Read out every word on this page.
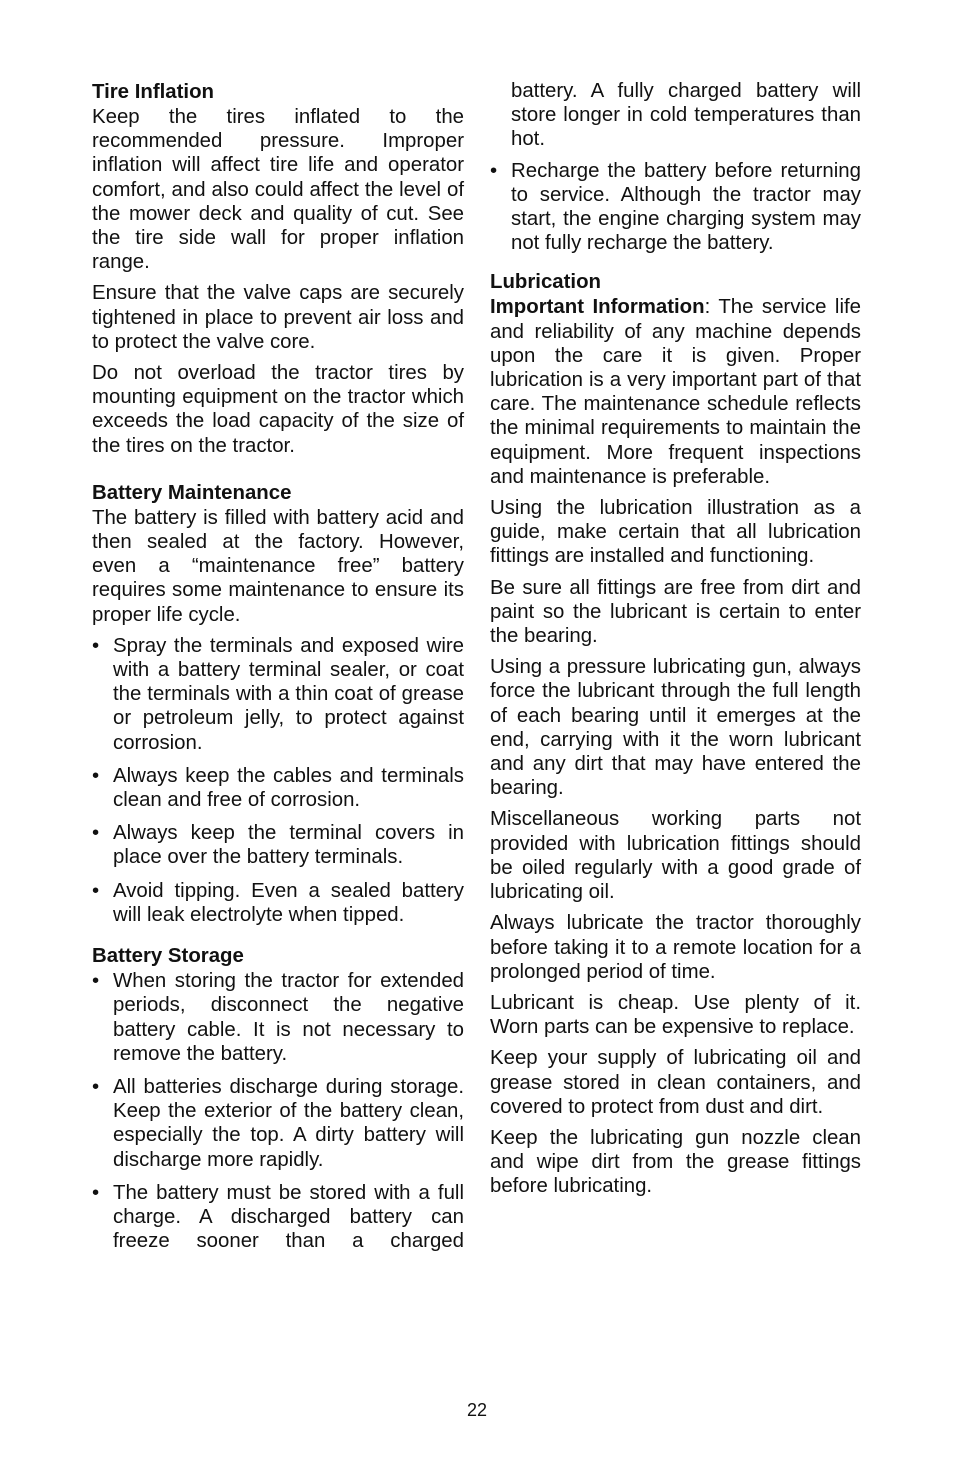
Tire Inflation

Keep the tires inflated to the recommended pressure. Improper inflation will affect tire life and operator comfort, and also could affect the level of the mower deck and quality of cut. See the tire side wall for proper inflation range.

Ensure that the valve caps are securely tightened in place to prevent air loss and to protect the valve core.

Do not overload the tractor tires by mounting equipment on the tractor which exceeds the load capacity of the size of the tires on the tractor.

Battery Maintenance

The battery is filled with battery acid and then sealed at the factory. However, even a “maintenance free” battery requires some maintenance to ensure its proper life cycle.

• Spray the terminals and exposed wire with a battery terminal sealer, or coat the terminals with a thin coat of grease or petroleum jelly, to protect against corrosion.
• Always keep the cables and terminals clean and free of corrosion.
• Always keep the terminal covers in place over the battery terminals.
• Avoid tipping. Even a sealed battery will leak electrolyte when tipped.

Battery Storage

• When storing the tractor for extended periods, disconnect the negative battery cable. It is not necessary to remove the battery.
• All batteries discharge during storage. Keep the exterior of the battery clean, especially the top. A dirty battery will discharge more rapidly.
• The battery must be stored with a full charge. A discharged battery can freeze sooner than a charged

battery. A fully charged battery will store longer in cold temperatures than hot.

• Recharge the battery before returning to service. Although the tractor may start, the engine charging system may not fully recharge the battery.

Lubrication

Important Information: The service life and reliability of any machine depends upon the care it is given. Proper lubrication is a very important part of that care. The maintenance schedule reflects the minimal requirements to maintain the equipment. More frequent inspections and maintenance is preferable.

Using the lubrication illustration as a guide, make certain that all lubrication fittings are installed and functioning.

Be sure all fittings are free from dirt and paint so the lubricant is certain to enter the bearing.

Using a pressure lubricating gun, always force the lubricant through the full length of each bearing until it emerges at the end, carrying with it the worn lubricant and any dirt that may have entered the bearing.

Miscellaneous working parts not provided with lubrication fittings should be oiled regularly with a good grade of lubricating oil.

Always lubricate the tractor thoroughly before taking it to a remote location for a prolonged period of time.

Lubricant is cheap. Use plenty of it. Worn parts can be expensive to replace.

Keep your supply of lubricating oil and grease stored in clean containers, and covered to protect from dust and dirt.

Keep the lubricating gun nozzle clean and wipe dirt from the grease fittings before lubricating.

22
